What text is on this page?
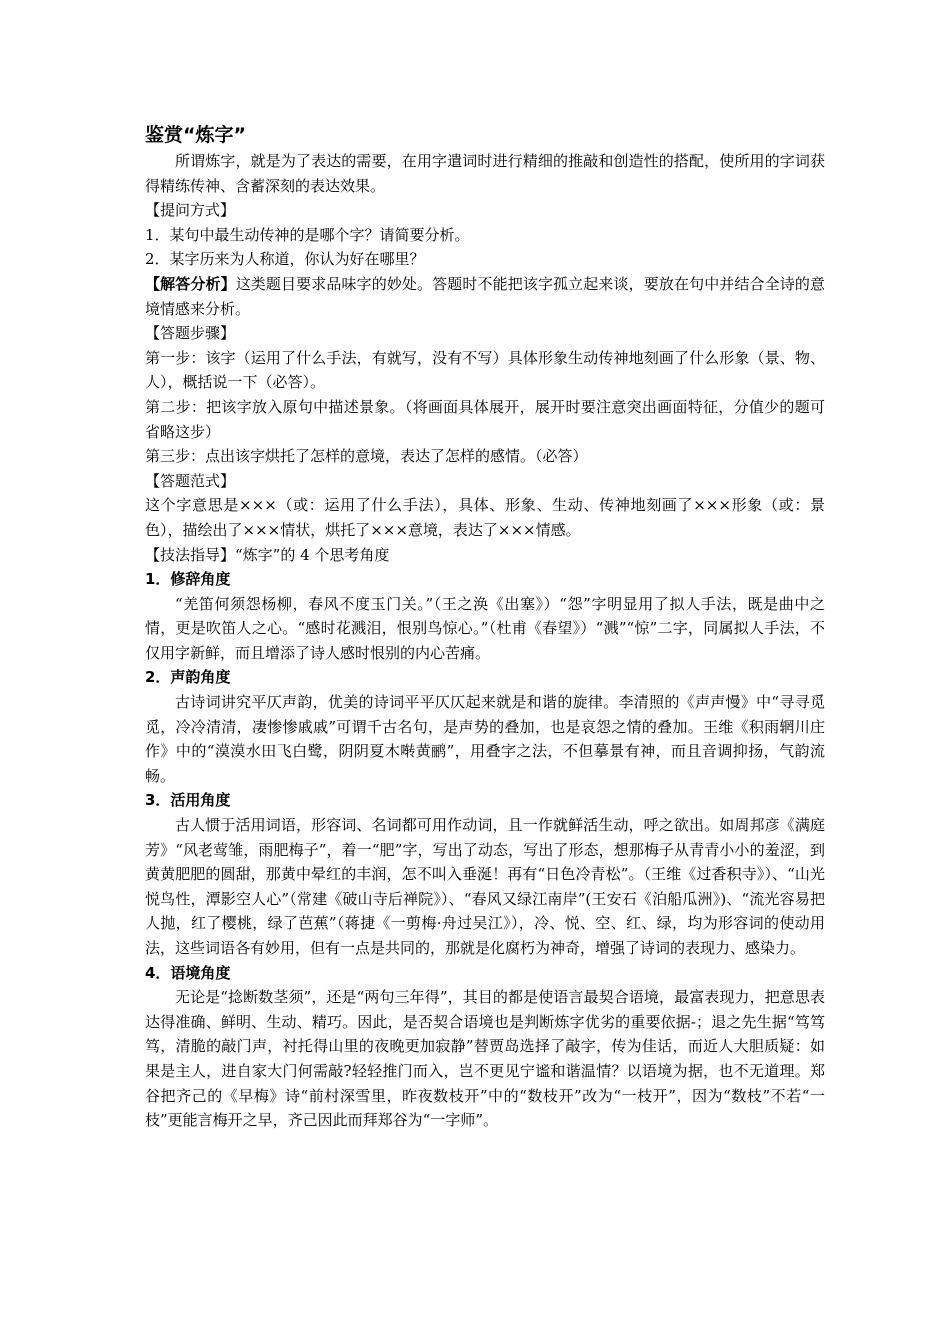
鉴赏“炼字”

所谓炼字，就是为了表达的需要，在用字遣词时进行精细的推敲和创造性的搭配，使所用的字词获得精练传神、含蓄深刻的表达效果。

【提问方式】

1．某句中最生动传神的是哪个字？请简要分析。

2．某字历来为人称道，你认为好在哪里？

【解答分析】这类题目要求品味字的妙处。答题时不能把该字孤立起来谈，要放在句中并结合全诗的意境情感来分析。

【答题步骤】

第一步：该字（运用了什么手法，有就写，没有不写）具体形象生动传神地刻画了什么形象（景、物、人），概括说一下（必答）。

第二步：把该字放入原句中描述景象。（将画面具体展开，展开时要注意突出画面特征，分值少的题可省略这步）

第三步：点出该字烘托了怎样的意境，表达了怎样的感情。（必答）

【答题范式】

这个字意思是×××（或：运用了什么手法），具体、形象、生动、传神地刻画了×××形象（或：景色），描绘出了×××情状，烘托了×××意境，表达了×××情感。

【技法指导】“炼字”的 4 个思考角度

1．修辞角度

“羌笛何须怨杨柳，春风不度玉门关。”（王之涣《出塞》）“怨”字明显用了拟人手法，既是曲中之情，更是吹笛人之心。“感时花溅泪，恨别鸟惊心。”（杜甫《春望》）“溅”“惊”二字，同属拟人手法，不仅用字新鲜，而且增添了诗人感时恨别的内心苦痛。

2．声韵角度

古诗词讲究平仄声韵，优美的诗词平平仄仄起来就是和谐的旋律。李清照的《声声慢》中“寻寻觅觅，冷冷清清，凄惨惨戚戚”可谓千古名句，是声势的叠加，也是哀怨之情的叠加。王维《积雨辋川庄作》中的“漠漠水田飞白鹭，阴阴夏木啭黄鹂”，用叠字之法，不但摹景有神，而且音调抑扬，气韵流畅。

3．活用角度

古人惯于活用词语，形容词、名词都可用作动词，且一作就鲜活生动，呼之欲出。如周邦彦《满庭芳》“风老莺雏，雨肥梅子”，着一“肥”字，写出了动态，写出了形态，想那梅子从青青小小的羞涩，到黄黄肥肥的圆甜，那黄中晕红的丰润，怎不叫入垂涎！再有“日色冷青松”。（王维《过香积寺》）、“山光悦鸟性，潭影空人心”（常建《破山寺后禅院》）、“春风又绿江南岸”(王安石《泊船瓜洲》)、“流光容易把人抛，红了樱桃，绿了芭蕉”（蒋捷《一剪梅·舟过吴江》），冷、悦、空、红、绿，均为形容词的使动用法，这些词语各有妙用，但有一点是共同的，那就是化腐朽为神奇，增强了诗词的表现力、感染力。

4．语境角度

无论是“捻断数茎须”，还是“两句三年得”，其目的都是使语言最契合语境，最富表现力，把意思表达得准确、鲜明、生动、精巧。因此，是否契合语境也是判断炼字优劣的重要依据-；退之先生据“笃笃笃，清脆的敲门声，衬托得山里的夜晚更加寂静”替贾岛选择了敲字，传为佳话，而近人大胆质疑：如果是主人，进自家大门何需敲?轻轻推门而入，岂不更见宁谧和谐温情？以语境为据，也不无道理。郑谷把齐己的《早梅》诗“前村深雪里，昨夜数枝开”中的“数枝开”改为“一枝开”，因为“数枝”不若“一枝”更能言梅开之早，齐己因此而拜郑谷为“一字师”。
